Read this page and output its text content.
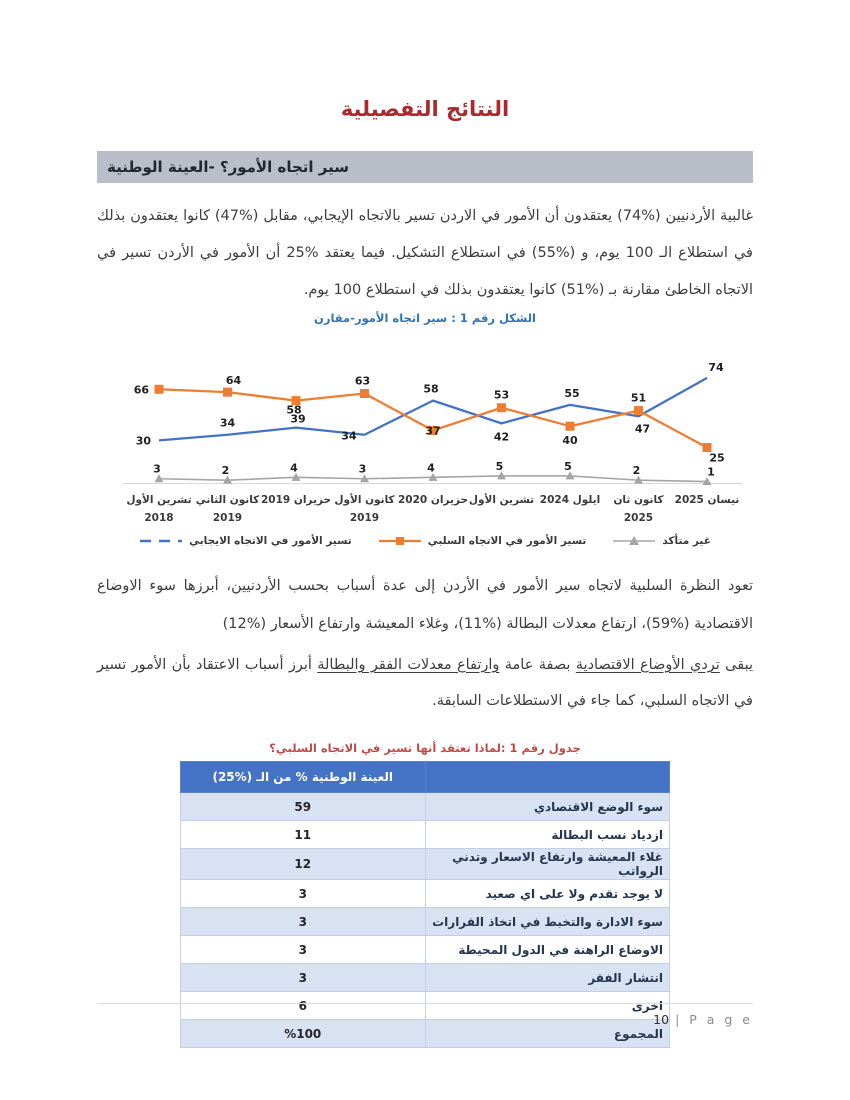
النتائج التفصيلية
سير اتجاه الأمور؟ -العينة الوطنية

غالبية الأردنيين (%74) يعتقدون أن الأمور في الاردن تسير بالاتجاه الإيجابي، مقابل (%47) كانوا يعتقدون بذلك في استطلاع الـ 100 يوم، و (%55) في استطلاع التشكيل. فيما يعتقد %25 أن الأمور في الأردن تسير في الاتجاه الخاطئ مقارنة بـ (%51) كانوا يعتقدون بذلك في استطلاع 100 يوم.

الشكل رقم 1 : سير اتجاه الأمور-مقارن
30
34	39
34
58
42
55
47
74
66
64
58
63
37
53
40
51
25
3	2	4	3	4	5	5	2	1
تشرين الأول
2018
كانون الثاني
2019
حزيران 2019 كانون الأول
2019
حزيران 2020 تشرين الأول ايلول 2024 كانون ثان
2025
نيسان 2025
تسير الأمور في الاتجاه الايجابي	تسير الأمور في الاتجاه السلبي	غير متأكد

تعود النظرة السلبية لاتجاه سير الأمور في الأردن إلى عدة أسباب بحسب الأردنيين، أبرزها سوء الاوضاع الاقتصادية (%59)، ارتفاع معدلات البطالة (%11)، وغلاء المعيشة وارتفاع الأسعار (%12)

يبقى تردي الأوضاع الاقتصادية بصفة عامة وارتفاع معدلات الفقر والبطالة أبرز أسباب الاعتقاد بأن الأمور تسير في الاتجاه السلبي، كما جاء في الاستطلاعات السابقة.

جدول رقم 1 :لماذا تعتقد أنها تسير في الاتجاه السلبي؟
	العينة الوطنية % من الـ (%25)
سوء الوضع الاقتصادي	59
ازدياد نسب البطالة	11
غلاء المعيشة وارتفاع الاسعار وتدني الرواتب	12
لا يوجد تقدم ولا على اي صعيد	3
سوء الادارة والتخبط في اتخاذ القرارات	3
الاوضاع الراهنة في الدول المحيطة	3
انتشار الفقر	3
اخرى	6
المجموع	%100
10 | P a g e
